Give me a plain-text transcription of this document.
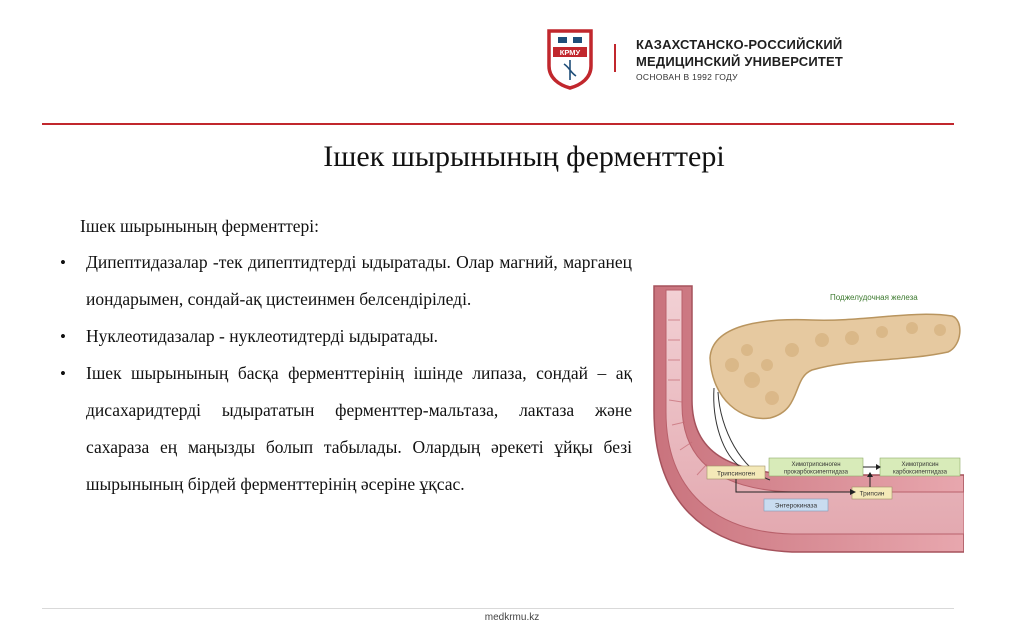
КРМУ
КАЗАХСТАНСКО-РОССИЙСКИЙ
МЕДИЦИНСКИЙ УНИВЕРСИТЕТ
ОСНОВАН В 1992 ГОДУ
Ішек шырынының ферменттері
Ішек шырынының ферменттері:
• Дипептидазалар -тек дипептидтерді ыдыратады. Олар магний, марганец иондарымен, сондай-ақ цистеинмен белсендіріледі.
• Нуклеотидазалар - нуклеотидтерді ыдыратады.
• Ішек шырынының басқа ферменттерінің ішінде липаза, сондай – ақ дисахаридтерді ыдырататын ферменттер-мальтаза, лактаза және сахараза ең маңызды болып табылады. Олардың әрекеті ұйқы безі шырынының бірдей ферменттерінің әсеріне ұқсас.
Поджелудочная железа
Трипсиноген
Химотрипсиноген
прокарбоксипептидаза
Химотрипсин
карбоксипептидаза
Энтерокиназа
Трипсин
medkrmu.kz
